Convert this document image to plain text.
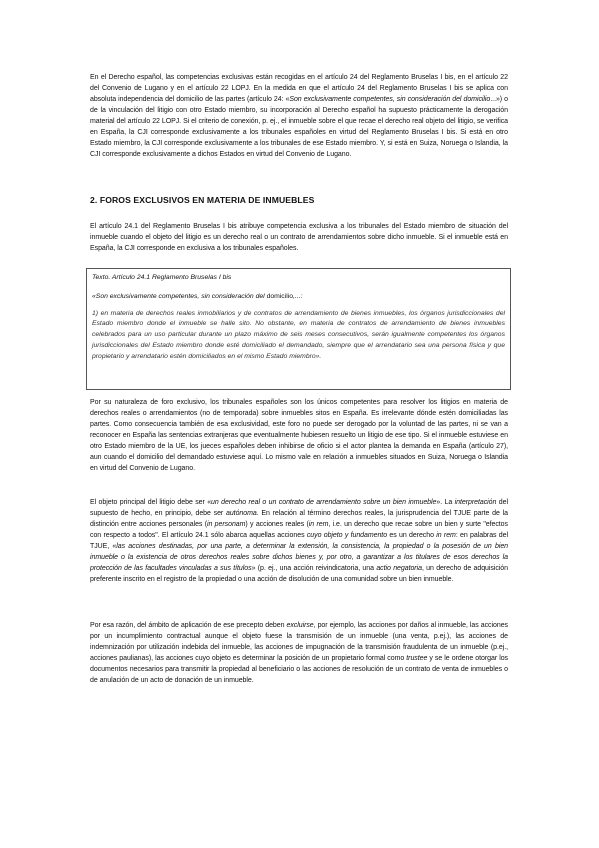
En el Derecho español, las competencias exclusivas están recogidas en el artículo 24 del Reglamento Bruselas I bis, en el artículo 22 del Convenio de Lugano y en el artículo 22 LOPJ. En la medida en que el artículo 24 del Reglamento Bruselas I bis se aplica con absoluta independencia del domicilio de las partes (artículo 24: «Son exclusivamente competentes, sin consideración del domicilio...») o de la vinculación del litigio con otro Estado miembro, su incorporación al Derecho español ha supuesto prácticamente la derogación material del artículo 22 LOPJ. Si el criterio de conexión, p. ej., el inmueble sobre el que recae el derecho real objeto del litigio, se verifica en España, la CJI corresponde exclusivamente a los tribunales españoles en virtud del Reglamento Bruselas I bis. Si está en otro Estado miembro, la CJI corresponde exclusivamente a los tribunales de ese Estado miembro. Y, si está en Suiza, Noruega o Islandia, la CJI corresponde exclusivamente a dichos Estados en virtud del Convenio de Lugano.
2. FOROS EXCLUSIVOS EN MATERIA DE INMUEBLES
El artículo 24.1 del Reglamento Bruselas I bis atribuye competencia exclusiva a los tribunales del Estado miembro de situación del inmueble cuando el objeto del litigio es un derecho real o un contrato de arrendamientos sobre dicho inmueble. Si el inmueble está en España, la CJI corresponde en exclusiva a los tribunales españoles.

Texto. Artículo 24.1 Reglamento Bruselas I bis

«Son exclusivamente competentes, sin consideración del domicilio,...:

1) en materia de derechos reales inmobiliarios y de contratos de arrendamiento de bienes inmuebles, los órganos jurisdiccionales del Estado miembro donde el inmueble se halle sito. No obstante, en materia de contratos de arrendamiento de bienes inmuebles celebrados para un uso particular durante un plazo máximo de seis meses consecutivos, serán igualmente competentes los órganos jurisdiccionales del Estado miembro donde esté domiciliado el demandado, siempre que el arrendatario sea una persona física y que propietario y arrendatario estén domiciliados en el mismo Estado miembro».

Por su naturaleza de foro exclusivo, los tribunales españoles son los únicos competentes para resolver los litigios en materia de derechos reales o arrendamientos (no de temporada) sobre inmuebles sitos en España. Es irrelevante dónde estén domiciliadas las partes. Como consecuencia también de esa exclusividad, este foro no puede ser derogado por la voluntad de las partes, ni se van a reconocer en España las sentencias extranjeras que eventualmente hubiesen resuelto un litigio de ese tipo. Si el inmueble estuviese en otro Estado miembro de la UE, los jueces españoles deben inhibirse de oficio si el actor plantea la demanda en España (artículo 27), aun cuando el domicilio del demandado estuviese aquí. Lo mismo vale en relación a inmuebles situados en Suiza, Noruega o Islandia en virtud del Convenio de Lugano.
El objeto principal del litigio debe ser «un derecho real o un contrato de arrendamiento sobre un bien inmueble». La interpretación del supuesto de hecho, en principio, debe ser autónoma. En relación al término derechos reales, la jurisprudencia del TJUE parte de la distinción entre acciones personales (in personam) y acciones reales (in rem, i.e. un derecho que recae sobre un bien y surte "efectos con respecto a todos". El artículo 24.1 sólo abarca aquellas acciones cuyo objeto y fundamento es un derecho in rem: en palabras del TJUE, «las acciones destinadas, por una parte, a determinar la extensión, la consistencia, la propiedad o la posesión de un bien inmueble o la existencia de otros derechos reales sobre dichos bienes y, por otro, a garantizar a los titulares de esos derechos la protección de las facultades vinculadas a sus títulos» (p. ej., una acción reivindicatoria, una actio negatoria, un derecho de adquisición preferente inscrito en el registro de la propiedad o una acción de disolución de una comunidad sobre un bien inmueble.
Por esa razón, del ámbito de aplicación de ese precepto deben excluirse, por ejemplo, las acciones por daños al inmueble, las acciones por un incumplimiento contractual aunque el objeto fuese la transmisión de un inmueble (una venta, p.ej.), las acciones de indemnización por utilización indebida del inmueble, las acciones de impugnación de la transmisión fraudulenta de un inmueble (p.ej., acciones paulianas), las acciones cuyo objeto es determinar la posición de un propietario formal como trustee y se le ordene otorgar los documentos necesarios para transmitir la propiedad al beneficiario o las acciones de resolución de un contrato de venta de inmuebles o de anulación de un acto de donación de un inmueble.
